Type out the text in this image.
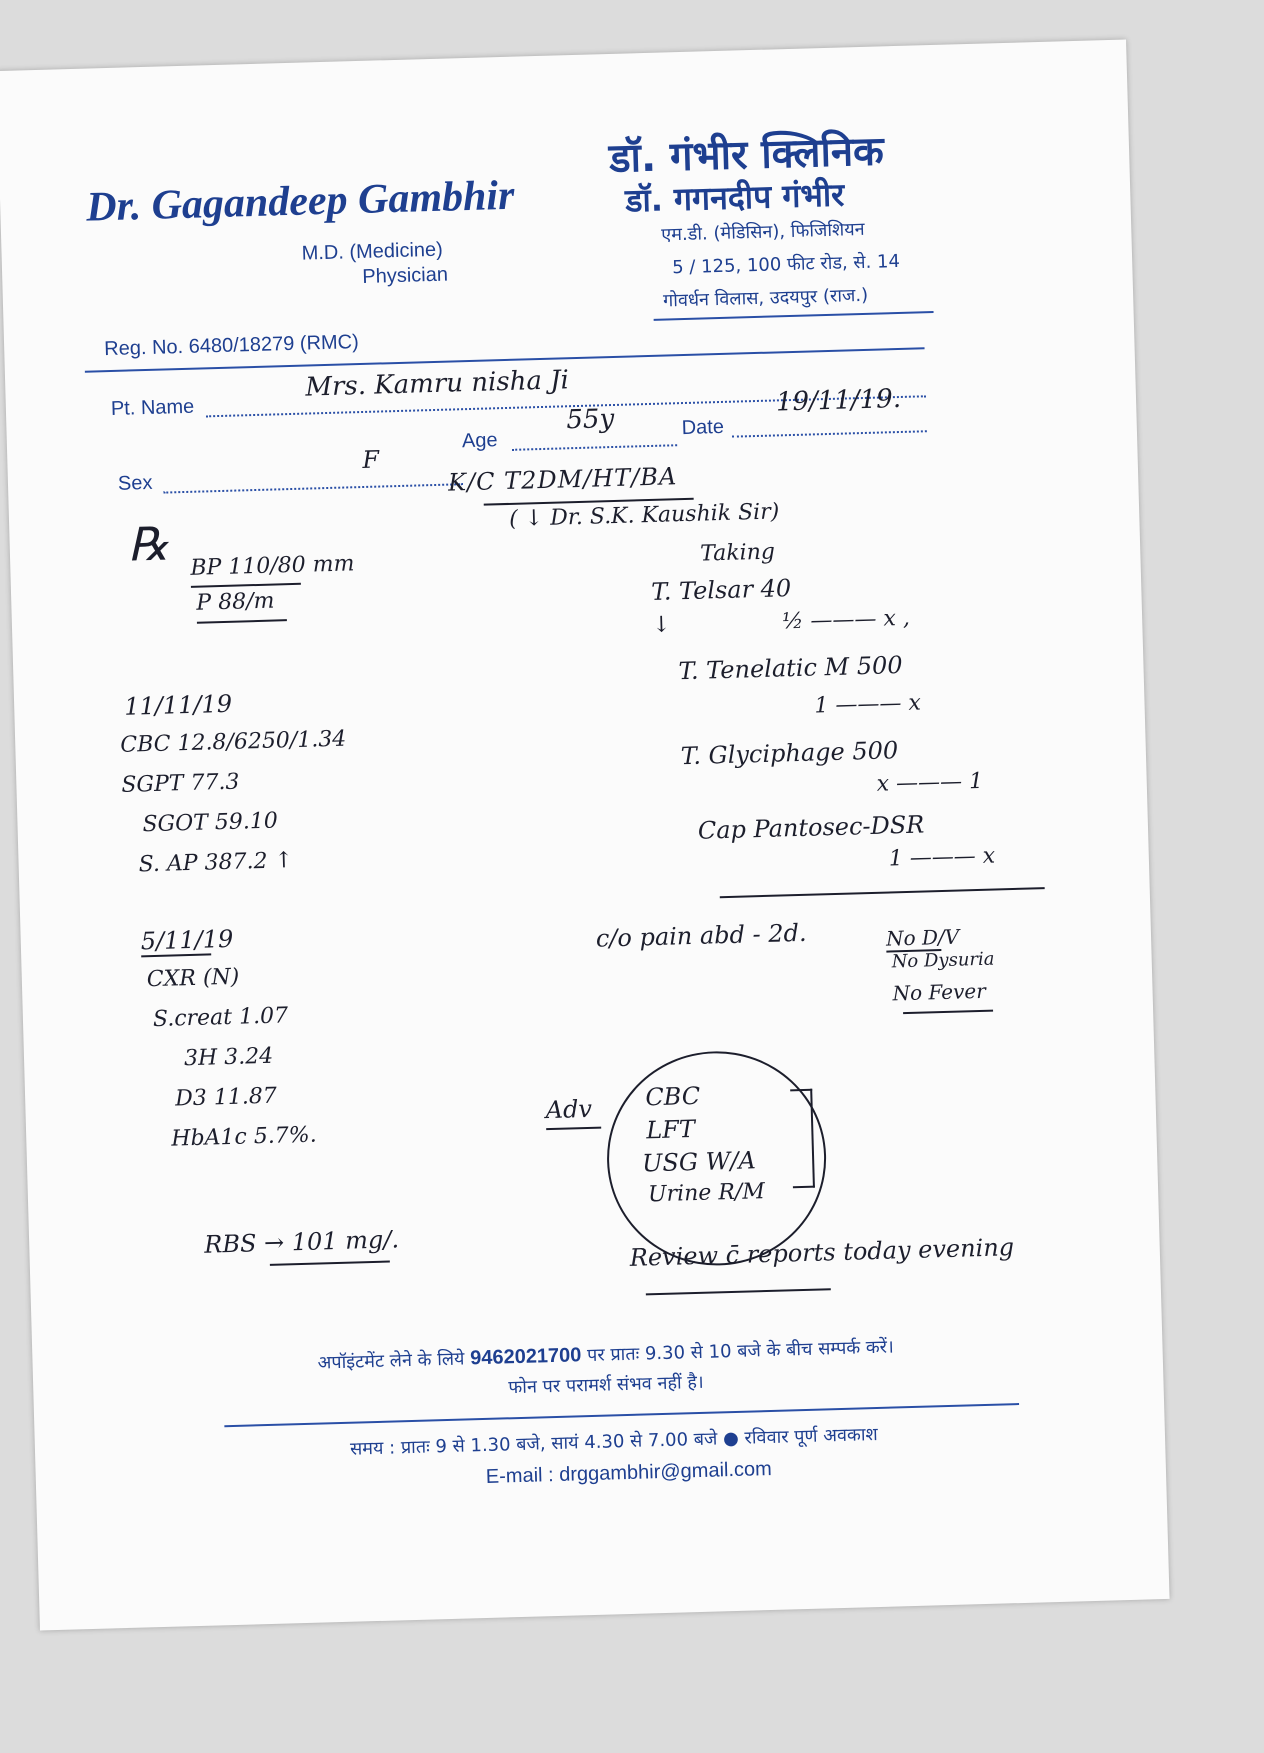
Dr. Gagandeep Gambhir
M.D. (Medicine)
Physician
डॉ. गंभीर क्लिनिक
डॉ. गगनदीप गंभीर
एम.डी. (मेडिसिन), फिजिशियन
5 / 125, 100 फीट रोड, से. 14
गोवर्धन विलास, उदयपुर (राज.)
Reg. No. 6480/18279 (RMC)
Pt. Name
Mrs. Kamru nisha Ji
Age
55y	Date
19/11/19.
Sex
F
℞
K/C T2DM/HT/BA
( ↓ Dr. S.K. Kaushik Sir)
Taking
BP 110/80 mm
P 88/m
11/11/19
CBC 12.8/6250/1.34
SGPT 77.3
SGOT 59.10
S. AP 387.2 ↑
5/11/19
CXR (N)
S.creat 1.07
3H 3.24
D3 11.87
HbA1c 5.7%.
RBS → 101 mg/.
T. Telsar 40
↓	½ ——— x ,
T. Tenelatic M 500
1 ——— x
T. Glyciphage 500
x ——— 1
Cap Pantosec-DSR
1 ——— x
c/o pain abd - 2d.	No D/V
No Dysuria
No Fever
Adv CBC
LFT
USG W/A
Urine R/M
Review c̄ reports today evening
अपॉइंटमेंट लेने के लिये 9462021700 पर प्रातः 9.30 से 10 बजे के बीच सम्पर्क करें।
फोन पर परामर्श संभव नहीं है।
समय : प्रातः 9 से 1.30 बजे, सायं 4.30 से 7.00 बजे ● रविवार पूर्ण अवकाश
E-mail : drggambhir@gmail.com
